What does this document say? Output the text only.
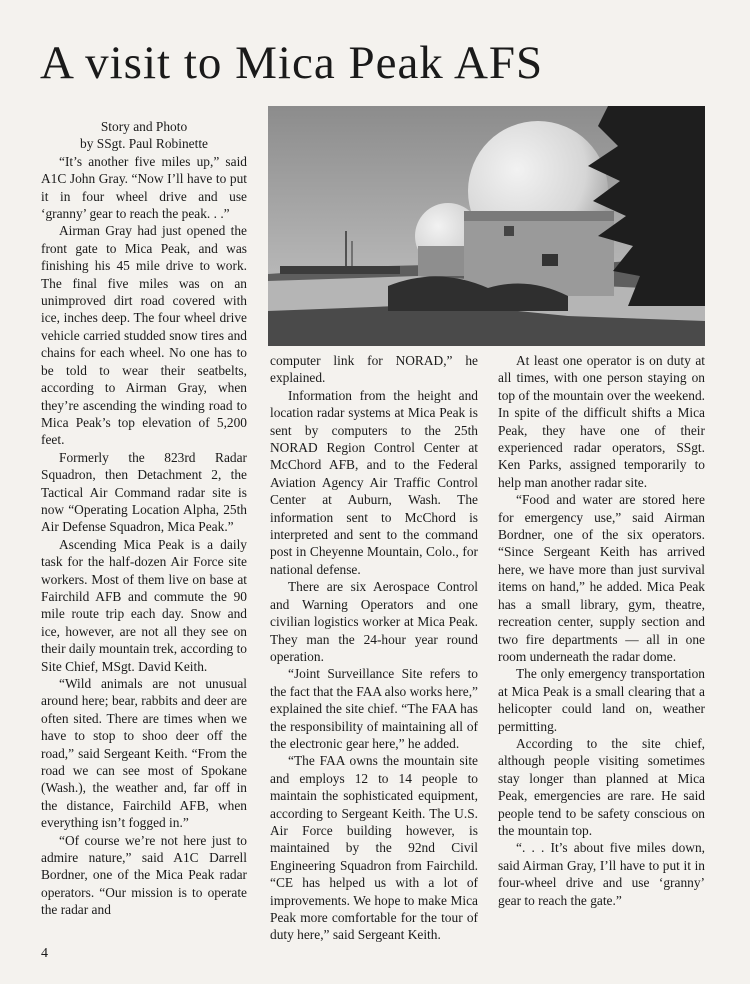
A visit to Mica Peak AFS

Story and Photo

by SSgt. Paul Robinette

“It’s another five miles up,” said A1C John Gray. “Now I’ll have to put it in four wheel drive and use ‘granny’ gear to reach the peak. . .”

Airman Gray had just opened the front gate to Mica Peak, and was finishing his 45 mile drive to work. The final five miles was on an unimproved dirt road covered with ice, inches deep. The four wheel drive vehicle carried studded snow tires and chains for each wheel. No one has to be told to wear their seatbelts, according to Airman Gray, when they’re ascending the winding road to Mica Peak’s top elevation of 5,200 feet.

Formerly the 823rd Radar Squadron, then Detachment 2, the Tactical Air Command radar site is now “Operating Location Alpha, 25th Air Defense Squadron, Mica Peak.”

Ascending Mica Peak is a daily task for the half-dozen Air Force site workers. Most of them live on base at Fairchild AFB and commute the 90 mile route trip each day. Snow and ice, however, are not all they see on their daily mountain trek, according to Site Chief, MSgt. David Keith.

“Wild animals are not unusual around here; bear, rabbits and deer are often sited. There are times when we have to stop to shoo deer off the road,” said Sergeant Keith. “From the road we can see most of Spokane (Wash.), the weather and, far off in the distance, Fairchild AFB, when everything isn’t fogged in.”

“Of course we’re not here just to admire nature,” said A1C Darrell Bordner, one of the Mica Peak radar operators. “Our mission is to operate the radar and

computer link for NORAD,” he explained.

Information from the height and location radar systems at Mica Peak is sent by computers to the 25th NORAD Region Control Center at McChord AFB, and to the Federal Aviation Agency Air Traffic Control Center at Auburn, Wash. The information sent to McChord is interpreted and sent to the command post in Cheyenne Mountain, Colo., for national defense.

There are six Aerospace Control and Warning Operators and one civilian logistics worker at Mica Peak. They man the 24-hour year round operation.

“Joint Surveillance Site refers to the fact that the FAA also works here,” explained the site chief. “The FAA has the responsibility of maintaining all of the electronic gear here,” he added.

“The FAA owns the mountain site and employs 12 to 14 people to maintain the sophisticated equipment, according to Sergeant Keith. The U.S. Air Force building however, is maintained by the 92nd Civil Engineering Squadron from Fairchild. “CE has helped us with a lot of improvements. We hope to make Mica Peak more comfortable for the tour of duty here,” said Sergeant Keith.

At least one operator is on duty at all times, with one person staying on top of the mountain over the weekend. In spite of the difficult shifts a Mica Peak, they have one of their experienced radar operators, SSgt. Ken Parks, assigned temporarily to help man another radar site.

“Food and water are stored here for emergency use,” said Airman Bordner, one of the six operators. “Since Sergeant Keith has arrived here, we have more than just survival items on hand,” he added. Mica Peak has a small library, gym, theatre, recreation center, supply section and two fire departments — all in one room underneath the radar dome.

The only emergency transportation at Mica Peak is a small clearing that a helicopter could land on, weather permitting.

According to the site chief, although people visiting sometimes stay longer than planned at Mica Peak, emergencies are rare. He said people tend to be safety conscious on the mountain top.

“. . . It’s about five miles down, said Airman Gray, I’ll have to put it in four-wheel drive and use ‘granny’ gear to reach the gate.”

4
